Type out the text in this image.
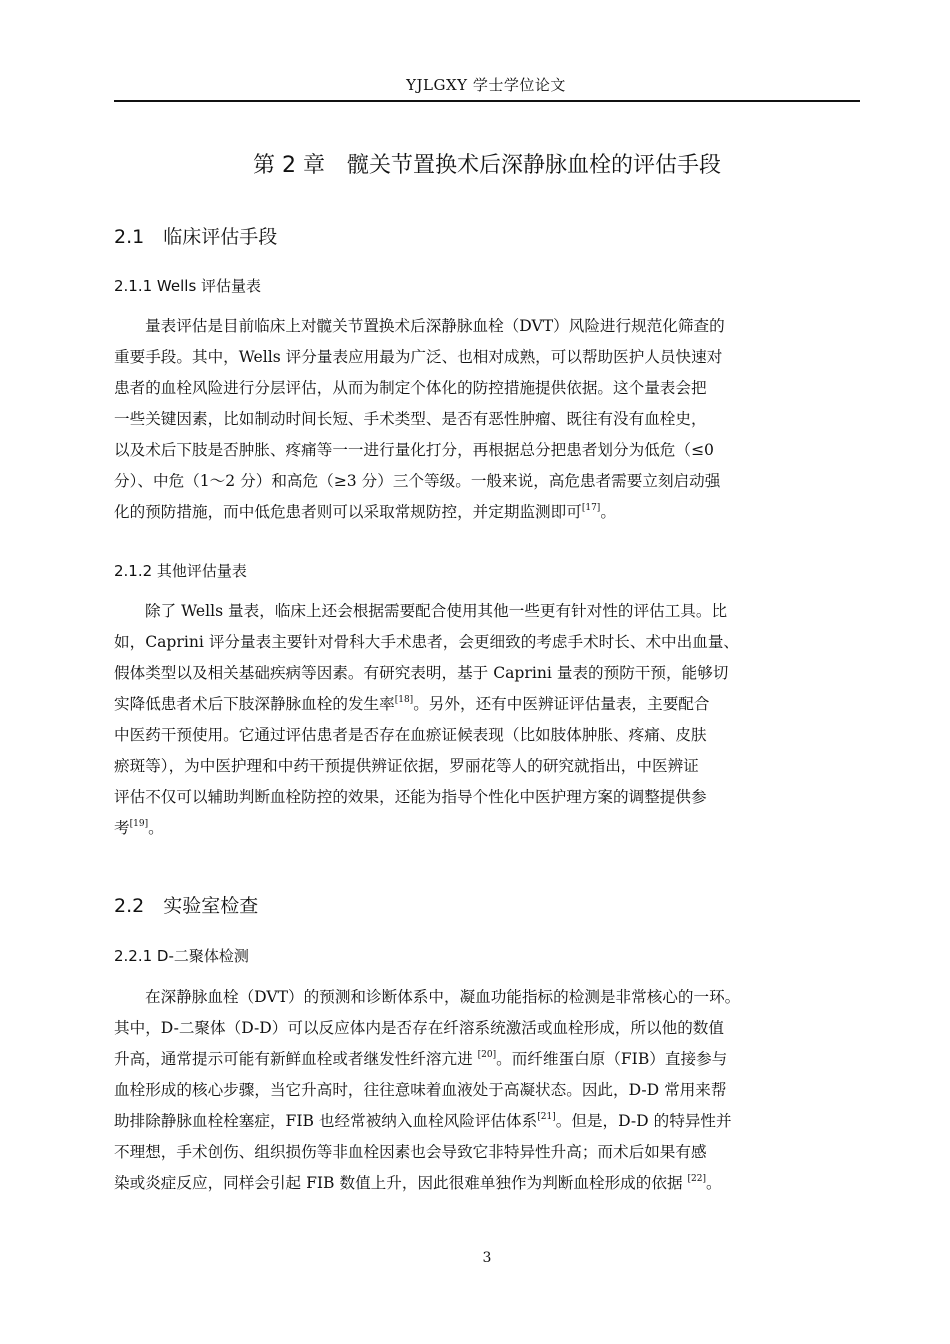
YJLGXY 学士学位论文
第 2 章　髋关节置换术后深静脉血栓的评估手段
2.1　临床评估手段
2.1.1 Wells 评估量表
量表评估是目前临床上对髋关节置换术后深静脉血栓（DVT）风险进行规范化筛查的
重要手段。其中，Wells 评分量表应用最为广泛、也相对成熟，可以帮助医护人员快速对
患者的血栓风险进行分层评估，从而为制定个体化的防控措施提供依据。这个量表会把
一些关键因素，比如制动时间长短、手术类型、是否有恶性肿瘤、既往有没有血栓史，
以及术后下肢是否肿胀、疼痛等一一进行量化打分，再根据总分把患者划分为低危（≤0
分）、中危（1～2 分）和高危（≥3 分）三个等级。一般来说，高危患者需要立刻启动强
化的预防措施，而中低危患者则可以采取常规防控，并定期监测即可[17]。
2.1.2 其他评估量表
除了 Wells 量表，临床上还会根据需要配合使用其他一些更有针对性的评估工具。比
如，Caprini 评分量表主要针对骨科大手术患者，会更细致的考虑手术时长、术中出血量、
假体类型以及相关基础疾病等因素。有研究表明，基于 Caprini 量表的预防干预，能够切
实降低患者术后下肢深静脉血栓的发生率[18]。另外，还有中医辨证评估量表，主要配合
中医药干预使用。它通过评估患者是否存在血瘀证候表现（比如肢体肿胀、疼痛、皮肤
瘀斑等），为中医护理和中药干预提供辨证依据，罗丽花等人的研究就指出，中医辨证
评估不仅可以辅助判断血栓防控的效果，还能为指导个性化中医护理方案的调整提供参
考[19]。
2.2　实验室检查
2.2.1 D-二聚体检测
在深静脉血栓（DVT）的预测和诊断体系中，凝血功能指标的检测是非常核心的一环。
其中，D-二聚体（D-D）可以反应体内是否存在纤溶系统激活或血栓形成，所以他的数值
升高，通常提示可能有新鲜血栓或者继发性纤溶亢进 [20]。而纤维蛋白原（FIB）直接参与
血栓形成的核心步骤，当它升高时，往往意味着血液处于高凝状态。因此，D-D 常用来帮
助排除静脉血栓栓塞症，FIB 也经常被纳入血栓风险评估体系[21]。但是，D-D 的特异性并
不理想，手术创伤、组织损伤等非血栓因素也会导致它非特异性升高；而术后如果有感
染或炎症反应，同样会引起 FIB 数值上升，因此很难单独作为判断血栓形成的依据 [22]。
3
